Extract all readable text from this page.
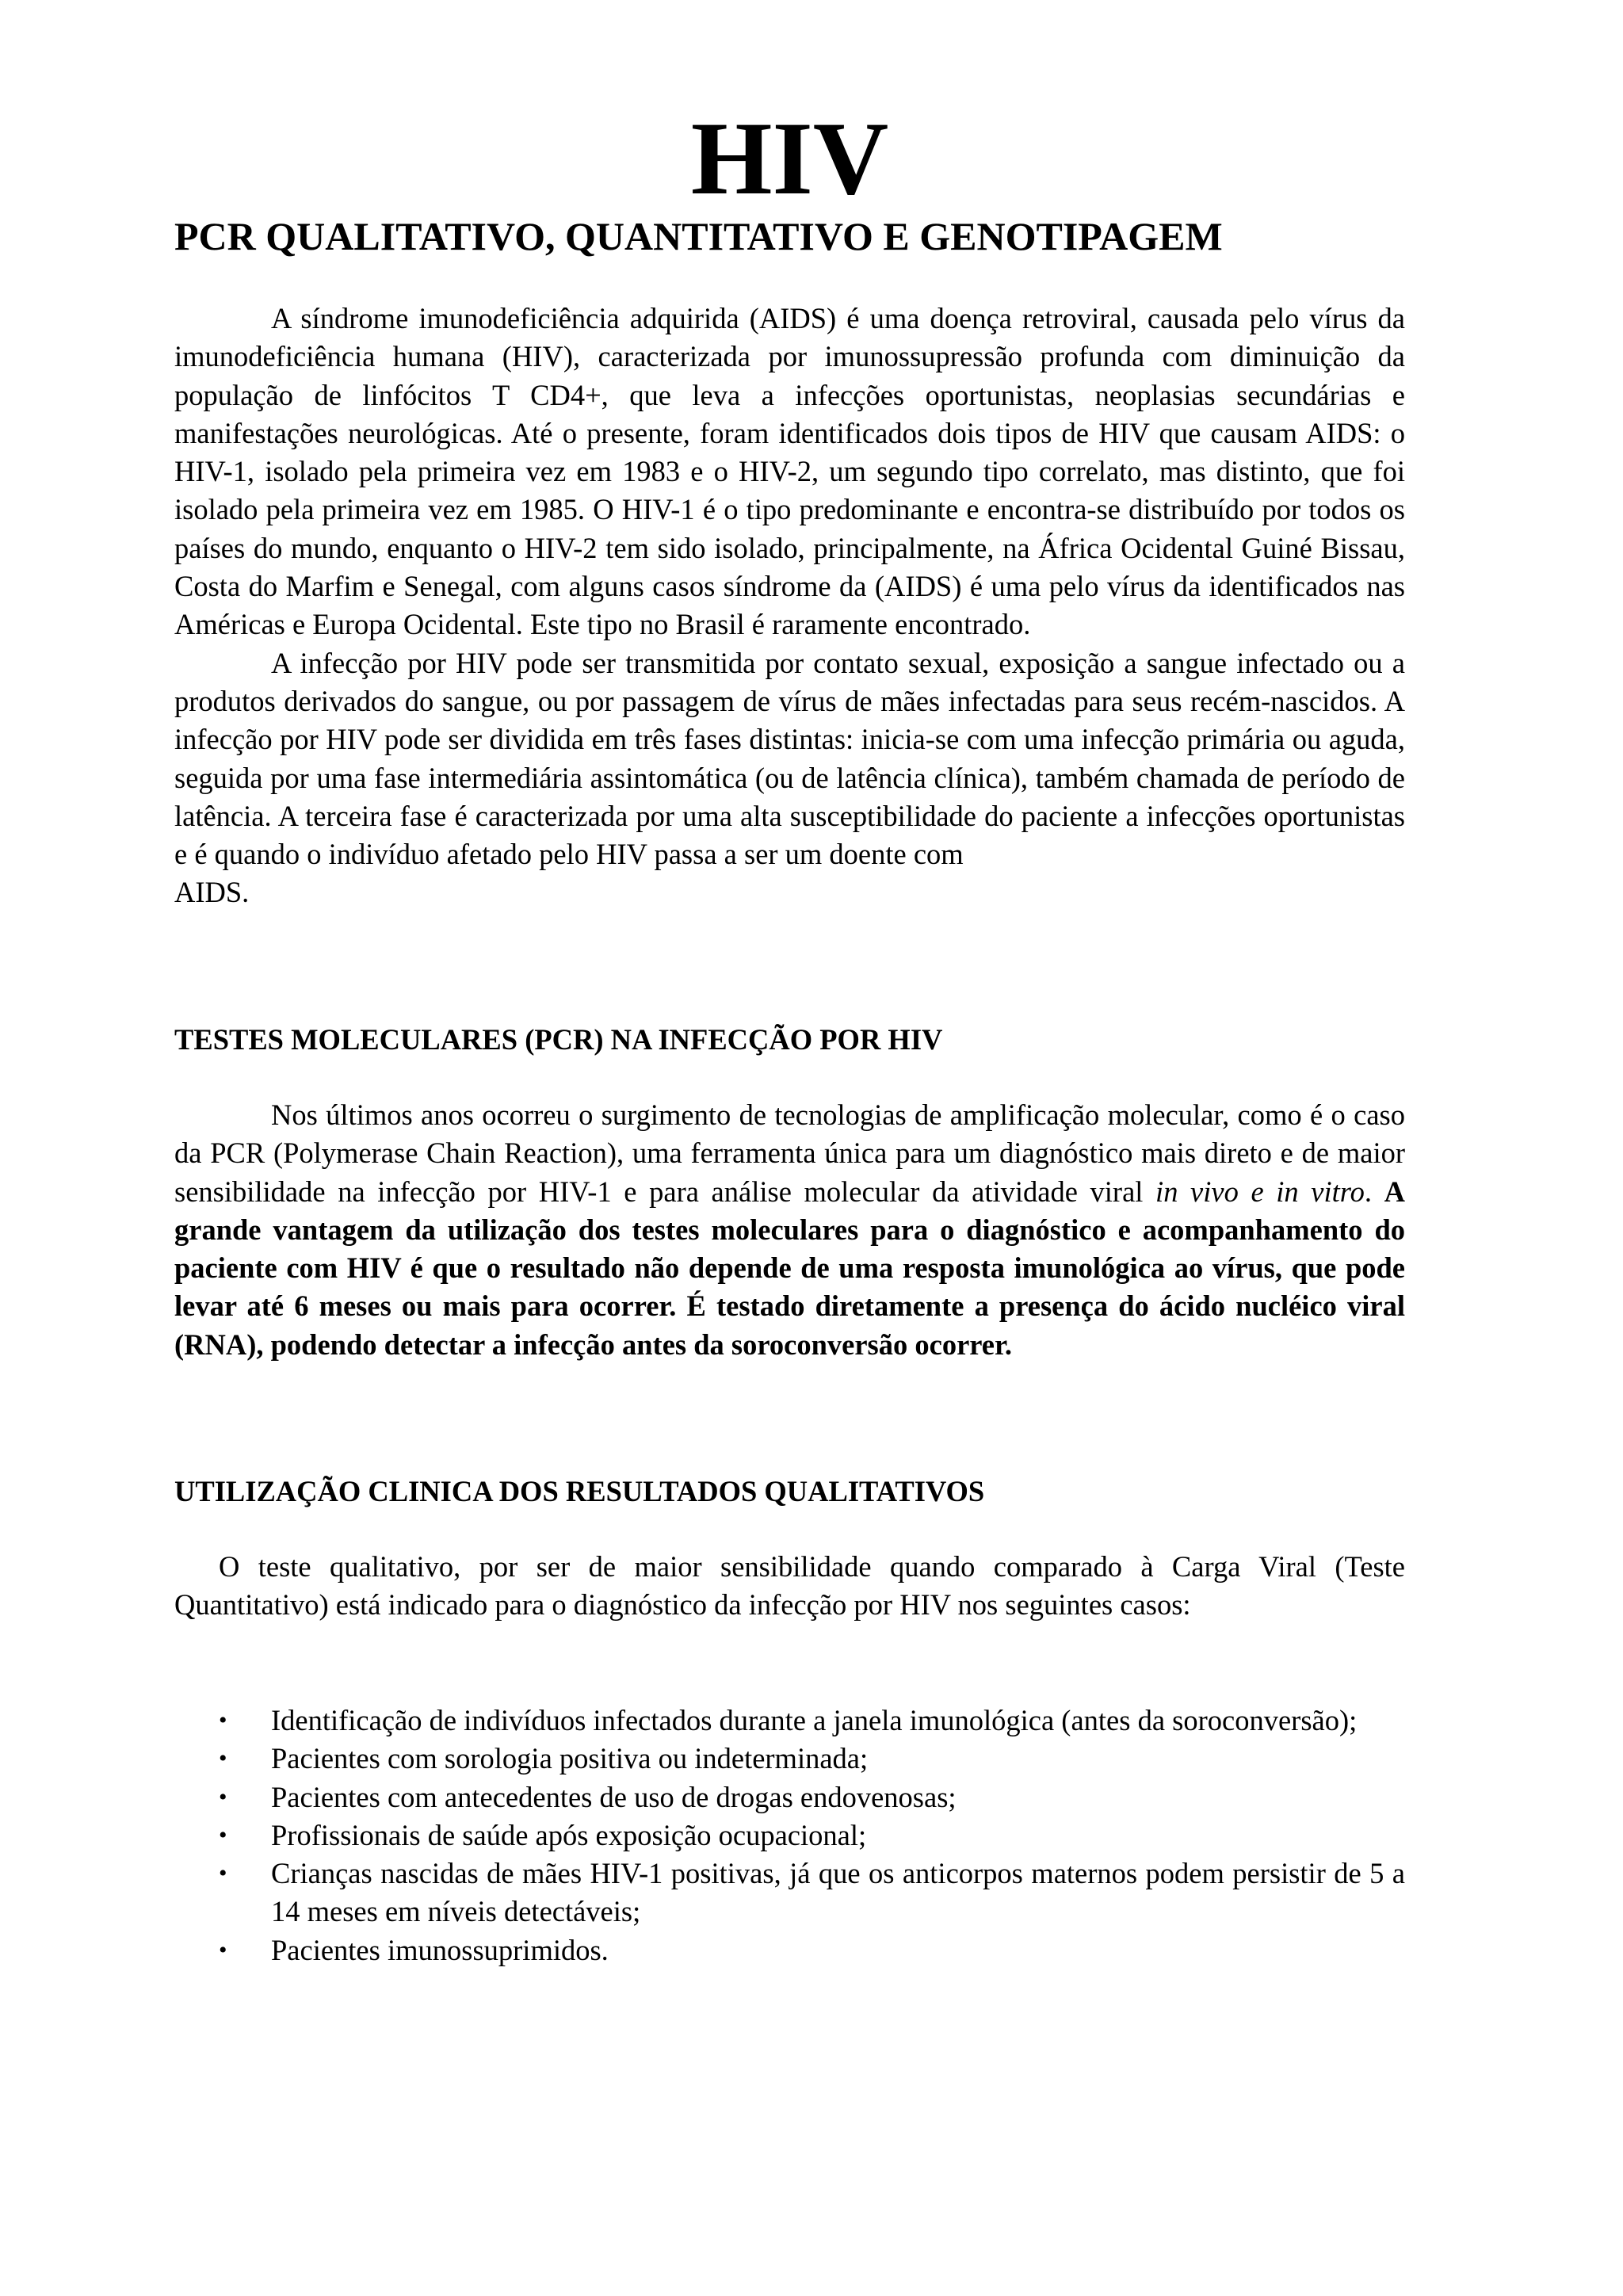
HIV
PCR QUALITATIVO, QUANTITATIVO E GENOTIPAGEM

A síndrome imunodeficiência adquirida (AIDS) é uma doença retroviral, causada pelo vírus da imunodeficiência humana (HIV), caracterizada por imunossupressão profunda com diminuição da população de linfócitos T CD4+, que leva a infecções oportunistas, neoplasias secundárias e manifestações neurológicas. Até o presente, foram identificados dois tipos de HIV que causam AIDS: o HIV-1, isolado pela primeira vez em 1983 e o HIV-2, um segundo tipo correlato, mas distinto, que foi isolado pela primeira vez em 1985. O HIV-1 é o tipo predominante e encontra-se distribuído por todos os países do mundo, enquanto o HIV-2 tem sido isolado, principalmente, na África Ocidental Guiné Bissau, Costa do Marfim e Senegal, com alguns casos síndrome da (AIDS) é uma pelo vírus da identificados nas Américas e Europa Ocidental. Este tipo no Brasil é raramente encontrado.

A infecção por HIV pode ser transmitida por contato sexual, exposição a sangue infectado ou a produtos derivados do sangue, ou por passagem de vírus de mães infectadas para seus recém-nascidos. A infecção por HIV pode ser dividida em três fases distintas: inicia-se com uma infecção primária ou aguda, seguida por uma fase intermediária assintomática (ou de latência clínica), também chamada de período de latência. A terceira fase é caracterizada por uma alta susceptibilidade do paciente a infecções oportunistas e é quando o indivíduo afetado pelo HIV passa a ser um doente com

AIDS.

TESTES MOLECULARES (PCR) NA INFECÇÃO POR HIV

Nos últimos anos ocorreu o surgimento de tecnologias de amplificação molecular, como é o caso da PCR (Polymerase Chain Reaction), uma ferramenta única para um diagnóstico mais direto e de maior sensibilidade na infecção por HIV-1 e para análise molecular da atividade viral in vivo e in vitro. A grande vantagem da utilização dos testes moleculares para o diagnóstico e acompanhamento do paciente com HIV é que o resultado não depende de uma resposta imunológica ao vírus, que pode levar até 6 meses ou mais para ocorrer. É testado diretamente a presença do ácido nucléico viral (RNA), podendo detectar a infecção antes da soroconversão ocorrer.

UTILIZAÇÃO CLINICA DOS RESULTADOS QUALITATIVOS

O teste qualitativo, por ser de maior sensibilidade quando comparado à Carga Viral (Teste Quantitativo) está indicado para o diagnóstico da infecção por HIV nos seguintes casos:

• Identificação de indivíduos infectados durante a janela imunológica (antes da soroconversão);
• Pacientes com sorologia positiva ou indeterminada;
• Pacientes com antecedentes de uso de drogas endovenosas;
• Profissionais de saúde após exposição ocupacional;
• Crianças nascidas de mães HIV-1 positivas, já que os anticorpos maternos podem persistir de 5 a 14 meses em níveis detectáveis;
• Pacientes imunossuprimidos.
